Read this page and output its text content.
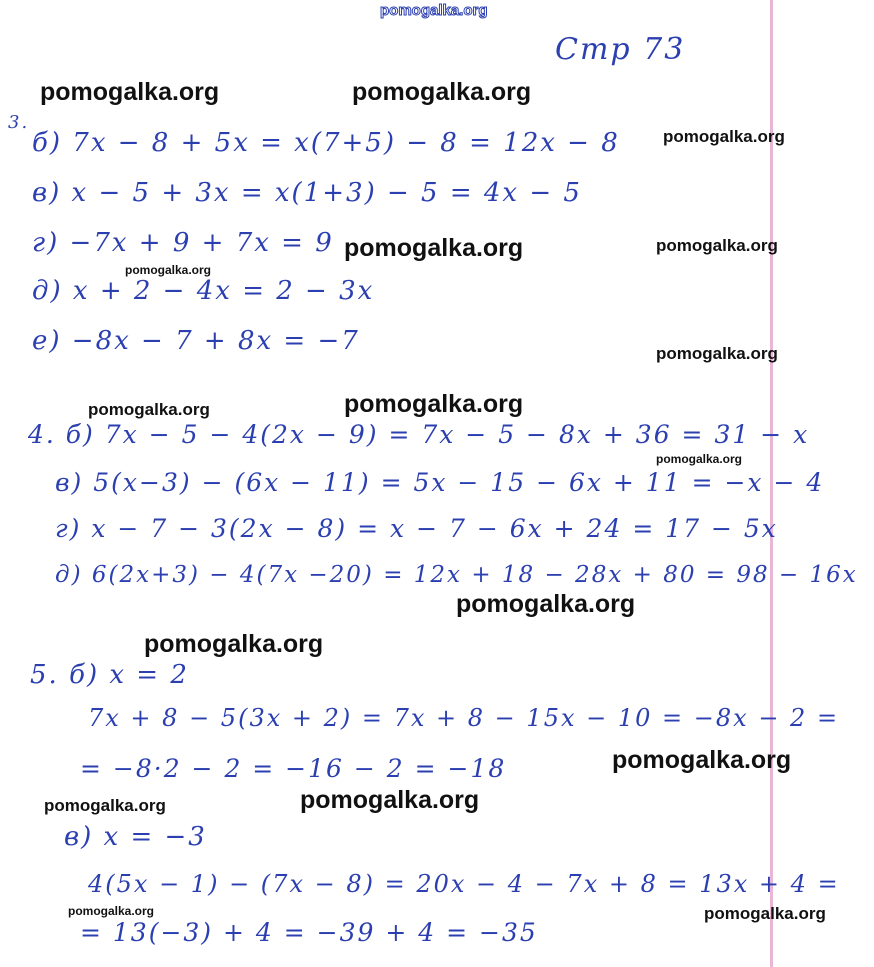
pomogalka.org
Стр 73
3.
б) 7x − 8 + 5x = x(7+5) − 8 = 12x − 8
в) x − 5 + 3x = x(1+3) − 5 = 4x − 5
г) −7x + 9 + 7x = 9
д) x + 2 − 4x = 2 − 3x
е) −8x − 7 + 8x = −7
4. б) 7x − 5 − 4(2x − 9) = 7x − 5 − 8x + 36 = 31 − x
в) 5(x−3) − (6x − 11) = 5x − 15 − 6x + 11 = −x − 4
г) x − 7 − 3(2x − 8) = x − 7 − 6x + 24 = 17 − 5x
д) 6(2x+3) − 4(7x −20) = 12x + 18 − 28x + 80 = 98 − 16x
5. б) x = 2
7x + 8 − 5(3x + 2) = 7x + 8 − 15x − 10 = −8x − 2 =
= −8·2 − 2 = −16 − 2 = −18
в) x = −3
4(5x − 1) − (7x − 8) = 20x − 4 − 7x + 8 = 13x + 4 =
= 13(−3) + 4 = −39 + 4 = −35
pomogalka.org	pomogalka.org
pomogalka.org
pomogalka.org	pomogalka.org
pomogalka.org
pomogalka.org
pomogalka.org	pomogalka.org
pomogalka.org
pomogalka.org
pomogalka.org
pomogalka.org
pomogalka.org	pomogalka.org
pomogalka.org	pomogalka.org
